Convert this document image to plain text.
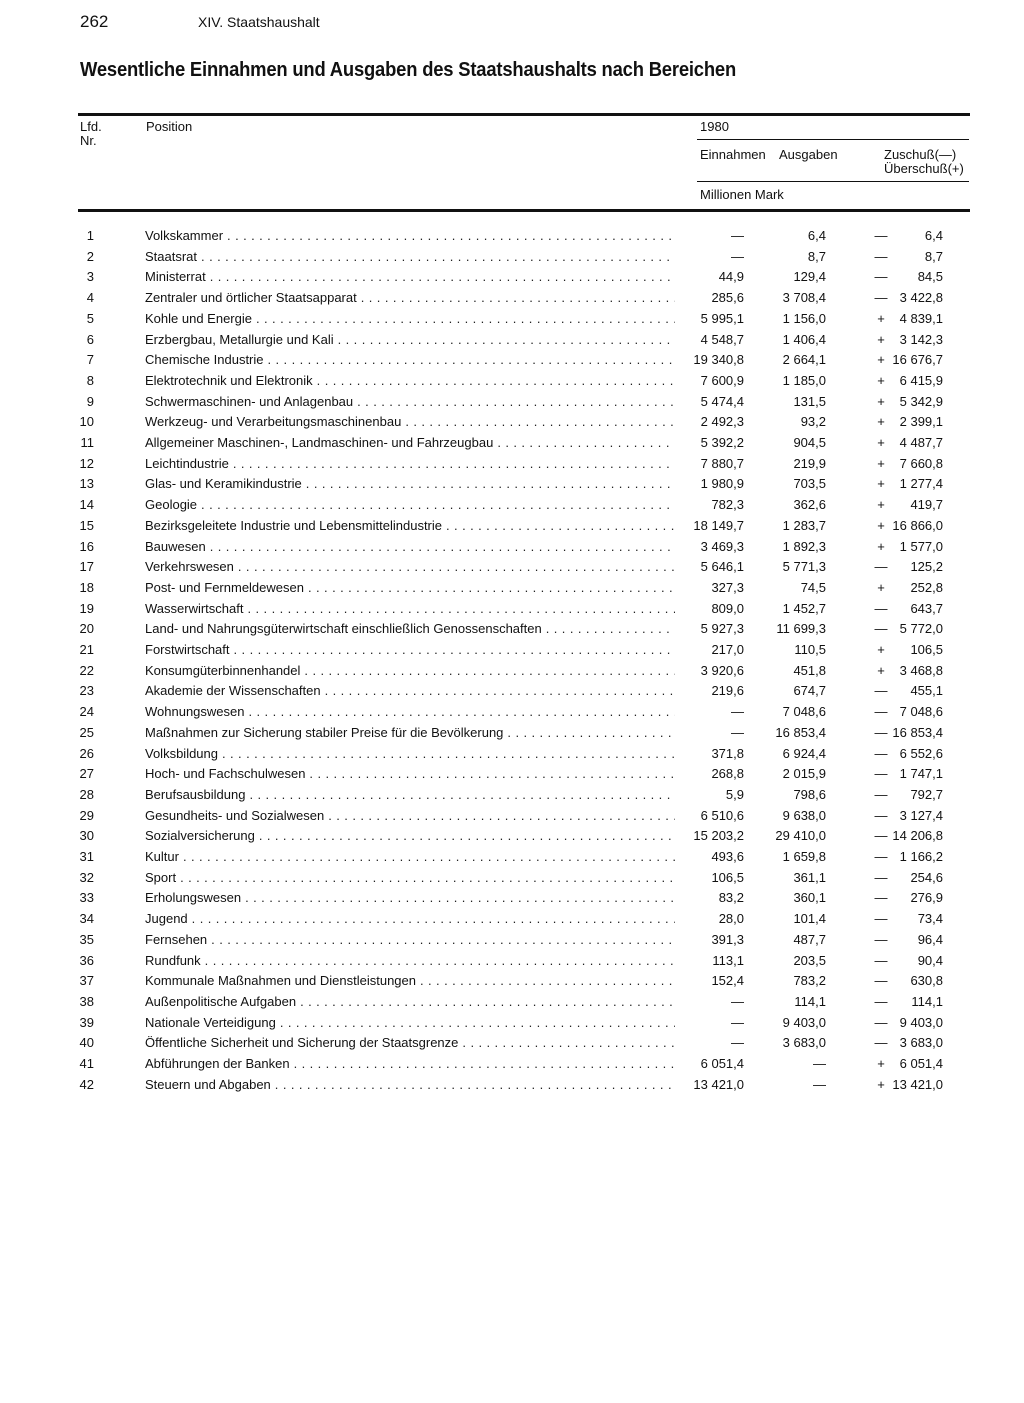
262	XIV. Staatshaushalt
Wesentliche Einnahmen und Ausgaben des Staatshaushalts nach Bereichen
Lfd.
Nr.
Position	1980
Einnahmen Ausgaben	Zuschuß(—)
Überschuß(+)
Millionen Mark
1	Volkskammer . . .	—	6,4	—	6,4
2	Staatsrat . . .	—	8,7	—	8,7
3	Ministerrat . . .	44,9	129,4	—	84,5
4	Zentraler und örtlicher Staatsapparat . . .	285,6	3 708,4	— 3 422,8
5	Kohle und Energie . . .	5 995,1	1 156,0	+	4 839,1
6	Erzbergbau, Metallurgie und Kali . . .	4 548,7	1 406,4	+	3 142,3
7	Chemische Industrie . . .	19 340,8	2 664,1	+ 16 676,7
8	Elektrotechnik und Elektronik . . .	7 600,9	1 185,0	+	6 415,9
9	Schwermaschinen- und Anlagenbau . . .	5 474,4	131,5	+	5 342,9
10	Werkzeug- und Verarbeitungsmaschinenbau . . .	2 492,3	93,2	+	2 399,1
11	Allgemeiner Maschinen-, Landmaschinen- und Fahrzeugbau . . .	5 392,2	904,5	+	4 487,7
12	Leichtindustrie . . .	7 880,7	219,9	+	7 660,8
13	Glas- und Keramikindustrie . . .	1 980,9	703,5	+	1 277,4
14	Geologie . . .	782,3	362,6	+	419,7
15	Bezirksgeleitete Industrie und Lebensmittelindustrie . . .	18 149,7	1 283,7	+ 16 866,0
16	Bauwesen . . .	3 469,3	1 892,3	+	1 577,0
17	Verkehrswesen . . .	5 646,1	5 771,3	—	125,2
18	Post- und Fernmeldewesen . . .	327,3	74,5	+	252,8
19	Wasserwirtschaft . . .	809,0	1 452,7	—	643,7
20	Land- und Nahrungsgüterwirtschaft einschließlich Genossenschaften . . .	5 927,3	11 699,3	— 5 772,0
21	Forstwirtschaft . . .	217,0	110,5	+	106,5
22	Konsumgüterbinnenhandel . . .	3 920,6	451,8	+	3 468,8
23	Akademie der Wissenschaften . . .	219,6	674,7	—	455,1
24	Wohnungswesen . . .	—	7 048,6	— 7 048,6
25	Maßnahmen zur Sicherung stabiler Preise für die Bevölkerung . . .	—	16 853,4	— 16 853,4
26	Volksbildung . . .	371,8	6 924,4	— 6 552,6
27	Hoch- und Fachschulwesen . . .	268,8	2 015,9	— 1 747,1
28	Berufsausbildung . . .	5,9	798,6	—	792,7
29	Gesundheits- und Sozialwesen . . .	6 510,6	9 638,0	— 3 127,4
30	Sozialversicherung . . .	15 203,2	29 410,0	— 14 206,8
31	Kultur . . .	493,6	1 659,8	— 1 166,2
32	Sport . . .	106,5	361,1	—	254,6
33	Erholungswesen . . .	83,2	360,1	—	276,9
34	Jugend . . .	28,0	101,4	—	73,4
35	Fernsehen . . .	391,3	487,7	—	96,4
36	Rundfunk . . .	113,1	203,5	—	90,4
37	Kommunale Maßnahmen und Dienstleistungen . . .	152,4	783,2	—	630,8
38	Außenpolitische Aufgaben . . .	—	114,1	—	114,1
39	Nationale Verteidigung . . .	—	9 403,0	— 9 403,0
40	Öffentliche Sicherheit und Sicherung der Staatsgrenze . . .	—	3 683,0	— 3 683,0
41	Abführungen der Banken . . .	6 051,4	—	+	6 051,4
42	Steuern und Abgaben . . .	13 421,0	—	+ 13 421,0
